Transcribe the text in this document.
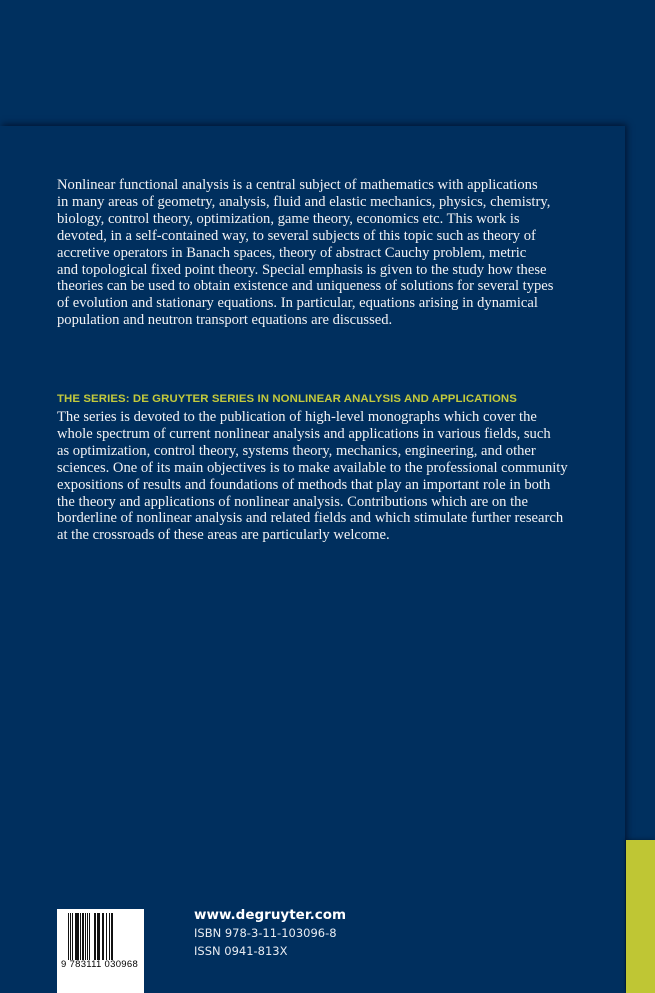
Nonlinear functional analysis is a central subject of mathematics with applications
in many areas of geometry, analysis, fluid and elastic mechanics, physics, chemistry,
biology, control theory, optimization, game theory, economics etc. This work is
devoted, in a self-contained way, to several subjects of this topic such as theory of
accretive operators in Banach spaces, theory of abstract Cauchy problem, metric
and topological fixed point theory. Special emphasis is given to the study how these
theories can be used to obtain existence and uniqueness of solutions for several types
of evolution and stationary equations. In particular, equations arising in dynamical
population and neutron transport equations are discussed.
THE SERIES: DE GRUYTER SERIES IN NONLINEAR ANALYSIS AND APPLICATIONS
The series is devoted to the publication of high-level monographs which cover the
whole spectrum of current nonlinear analysis and applications in various fields, such
as optimization, control theory, systems theory, mechanics, engineering, and other
sciences. One of its main objectives is to make available to the professional community
expositions of results and foundations of methods that play an important role in both
the theory and applications of nonlinear analysis. Contributions which are on the
borderline of nonlinear analysis and related fields and which stimulate further research
at the crossroads of these areas are particularly welcome.
9 783111 030968
www.degruyter.com
ISBN 978-3-11-103096-8
ISSN 0941-813X
